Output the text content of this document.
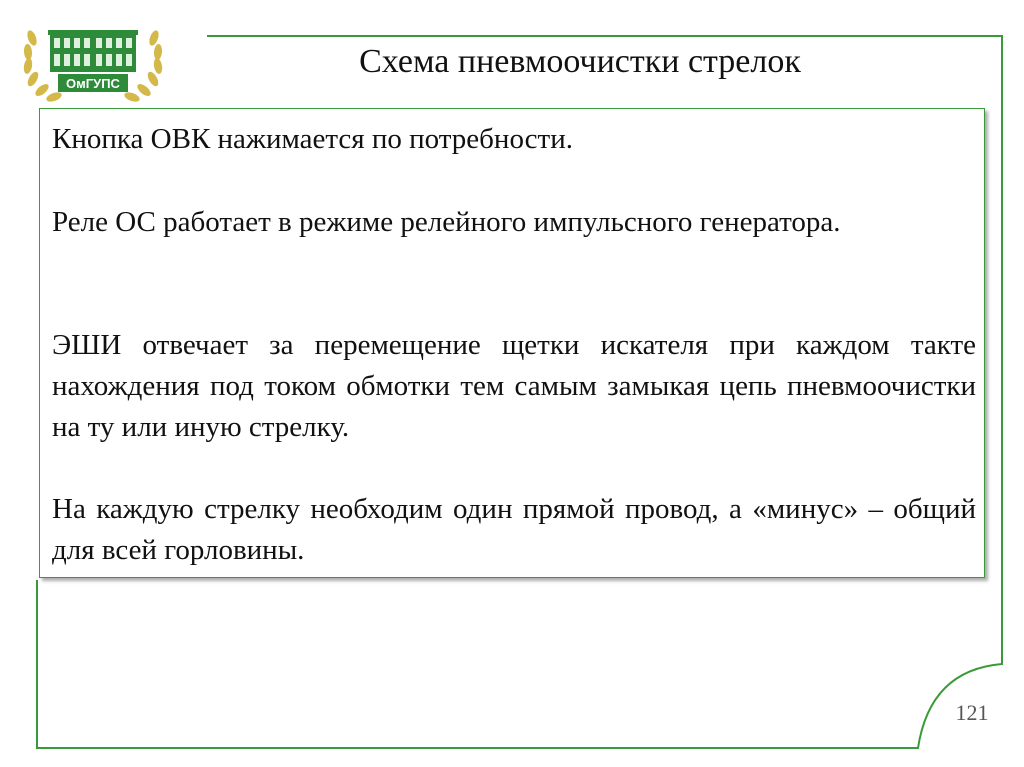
ОмГУПС
Схема пневмоочистки стрелок

Кнопка ОВК нажимается по потребности.

Реле ОС работает в режиме релейного импульсного генератора.

ЭШИ отвечает за перемещение щетки искателя при каждом такте нахождения под током обмотки тем самым замыкая цепь пневмоочистки на ту или иную стрелку.

На каждую стрелку необходим один прямой провод, а «минус» – общий для всей горловины.

121
